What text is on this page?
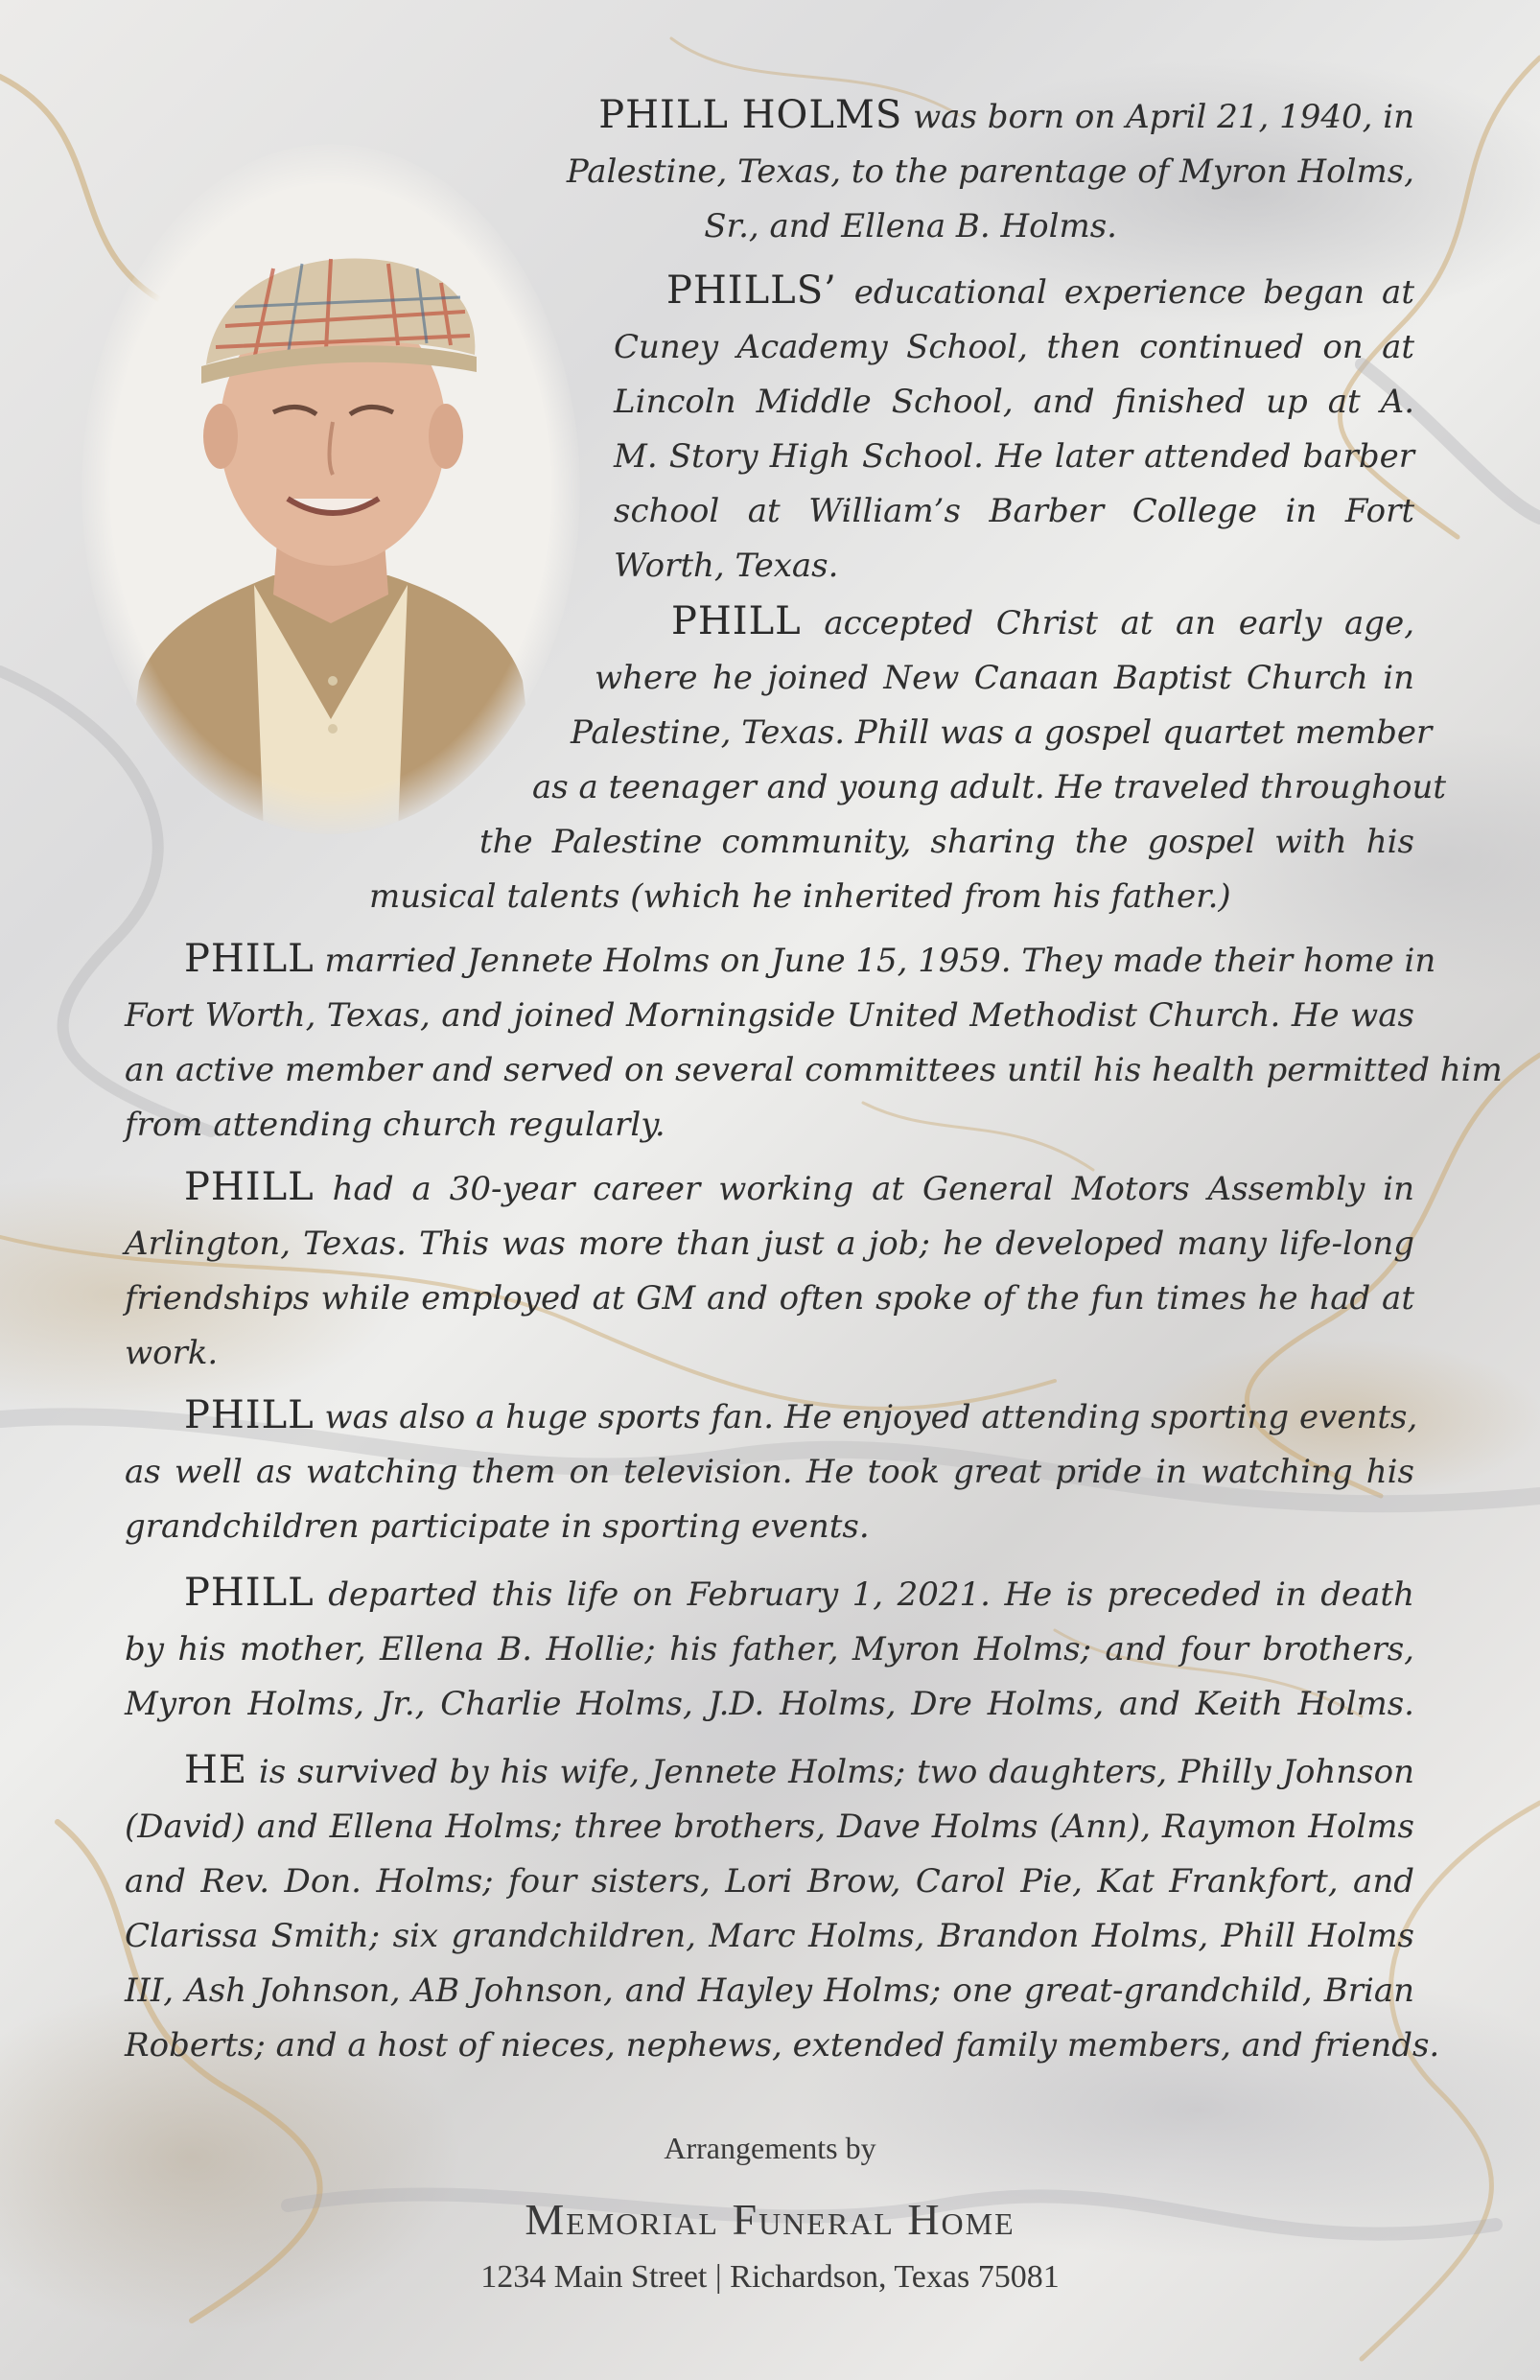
PHILL HOLMS was born on April 21, 1940, in
Palestine, Texas, to the parentage of Myron Holms,
Sr., and Ellena B. Holms.
PHILLS’ educational experience began at
Cuney Academy School, then continued on at
Lincoln Middle School, and finished up at A.
M. Story High School. He later attended barber
school at William’s Barber College in Fort
Worth, Texas.
PHILL accepted Christ at an early age,
where he joined New Canaan Baptist Church in
Palestine, Texas. Phill was a gospel quartet member
as a teenager and young adult. He traveled throughout
the Palestine community, sharing the gospel with his
musical talents (which he inherited from his father.)
PHILL married Jennete Holms on June 15, 1959. They made their home in
Fort Worth, Texas, and joined Morningside United Methodist Church. He was
an active member and served on several committees until his health permitted him
from attending church regularly.
PHILL had a 30-year career working at General Motors Assembly in
Arlington, Texas. This was more than just a job; he developed many life-long
friendships while employed at GM and often spoke of the fun times he had at
work.
PHILL was also a huge sports fan. He enjoyed attending sporting events,
as well as watching them on television. He took great pride in watching his
grandchildren participate in sporting events.
PHILL departed this life on February 1, 2021. He is preceded in death
by his mother, Ellena B. Hollie; his father, Myron Holms; and four brothers,
Myron Holms, Jr., Charlie Holms, J.D. Holms, Dre Holms, and Keith Holms.
HE is survived by his wife, Jennete Holms; two daughters, Philly Johnson
(David) and Ellena Holms; three brothers, Dave Holms (Ann), Raymon Holms
and Rev. Don. Holms; four sisters, Lori Brow, Carol Pie, Kat Frankfort, and
Clarissa Smith; six grandchildren, Marc Holms, Brandon Holms, Phill Holms
III, Ash Johnson, AB Johnson, and Hayley Holms; one great-grandchild, Brian
Roberts; and a host of nieces, nephews, extended family members, and friends.
Arrangements by
Memorial Funeral Home
1234 Main Street | Richardson, Texas 75081
